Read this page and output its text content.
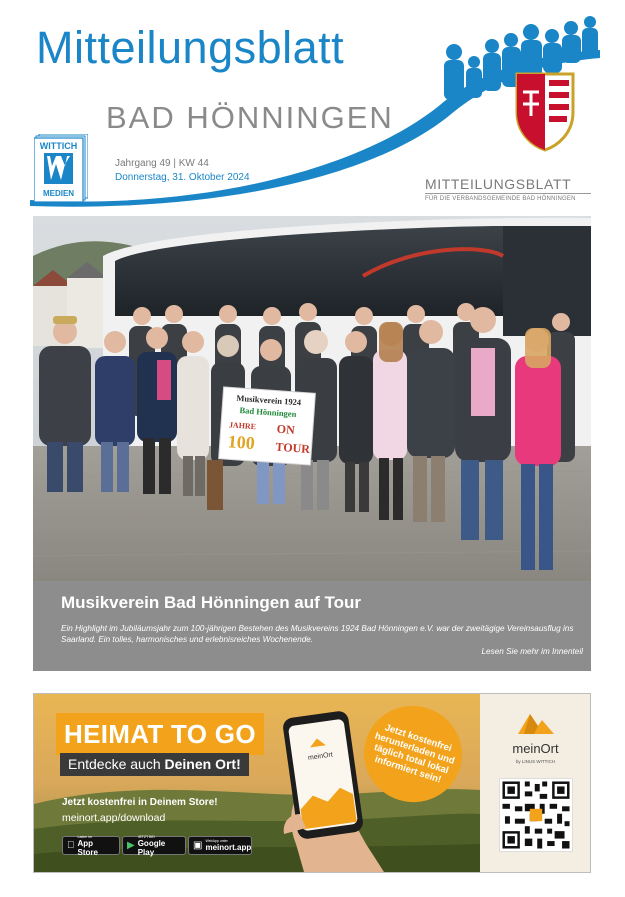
Mitteilungsblatt
BAD HÖNNINGEN
WITTICH
MEDIEN
Jahrgang 49 | KW 44
Donnerstag, 31. Oktober 2024	MITTEILUNGSBLATT
FÜR DIE VERBANDSGEMEINDE BAD HÖNNINGEN
Musikverein 1924
Bad Hönningen
JAHRE
100
ON
TOUR
Musikverein Bad Hönningen auf Tour
Ein Highlight im Jubiläumsjahr zum 100-jährigen Bestehen des Musikvereins 1924 Bad Hönningen e.V. war der zweitägige Vereinsausflug ins Saarland. Ein tolles, harmonisches und erlebnisreiches Wochenende.
Lesen Sie mehr im Innenteil
meinOrt
HEIMAT TO GO
Entdecke auch Deinen Ort!
Jetzt kostenfrei in Deinem Store!
meinort.app/download
Laden im
App Store ▶
JETZT BEI
Google Play
▣ WebApp unter
meinort.app
Jetzt kostenfrei herunterladen und täglich total lokal informiert sein!
meinOrt
by LINUS WITTICH
